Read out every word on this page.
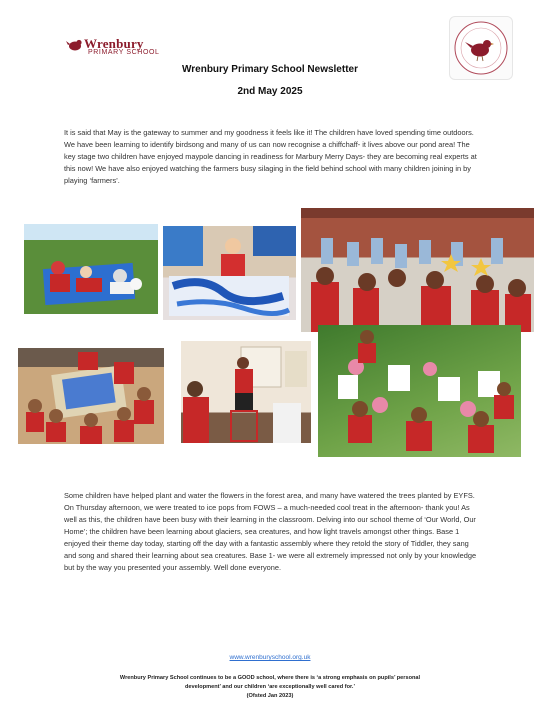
Wrenbury
PRIMARY SCHOOL
Wrenbury Primary School Newsletter
2nd May 2025

It is said that May is the gateway to summer and my goodness it feels like it! The children have loved spending time outdoors. We have been learning to identify birdsong and many of us can now recognise a chiffchaff- it lives above our pond area! The key stage two children have enjoyed maypole dancing in readiness for Marbury Merry Days- they are becoming real experts at this now! We have also enjoyed watching the farmers busy silaging in the field behind school with many children joining in by playing ‘farmers’.

Some children have helped plant and water the flowers in the forest area, and many have watered the trees planted by EYFS. On Thursday afternoon, we were treated to ice pops from FOWS – a much-needed cool treat in the afternoon- thank you! As well as this, the children have been busy with their learning in the classroom. Delving into our school theme of ‘Our World, Our Home’; the children have been learning about glaciers, sea creatures, and how light travels amongst other things. Base 1 enjoyed their theme day today, starting off the day with a fantastic assembly where they retold the story of Tiddler, they sang and song and shared their learning about sea creatures. Base 1- we were all extremely impressed not only by your knowledge but by the way you presented your assembly. Well done everyone.

www.wrenburyschool.org.uk
Wrenbury Primary School continues to be a GOOD school, where there is ‘a strong emphasis on pupils’ personal
development’ and our children ‘are exceptionally well cared for.’
(Ofsted Jan 2023)
